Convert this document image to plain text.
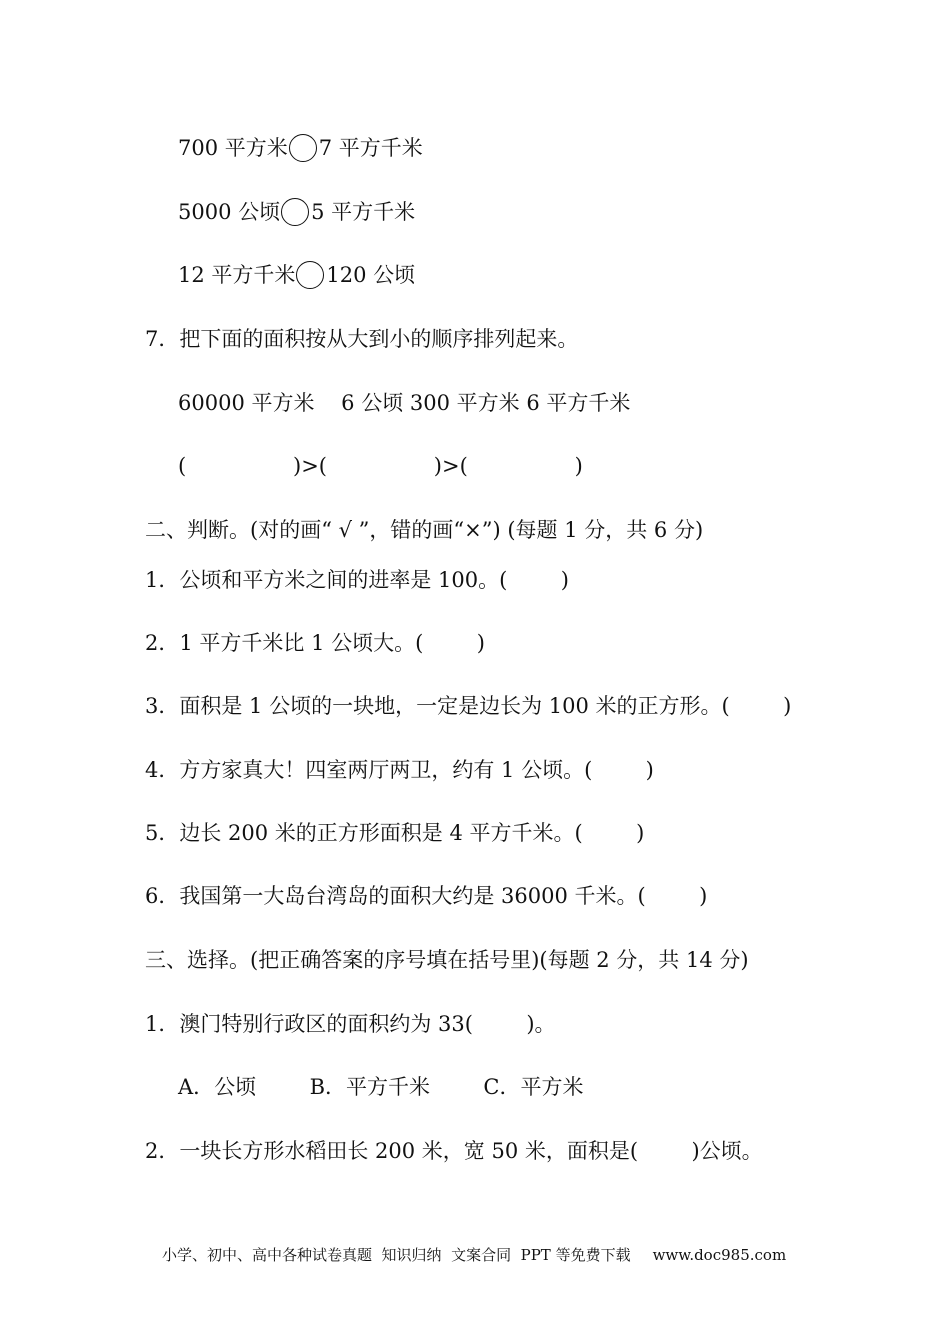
700 平方米 7 平方千米
5000 公顷 5 平方千米
12 平方千米 120 公顷
7．把下面的面积按从大到小的顺序排列起来。
60000 平方米    6 公顷 300 平方米 6 平方千米
(                )>(                )>(                )
二、判断。(对的画“ √ ”，错的画“×”) (每题 1 分，共 6 分)
1．公顷和平方米之间的进率是 100。(        )
2．1 平方千米比 1 公顷大。(        )
3．面积是 1 公顷的一块地，一定是边长为 100 米的正方形。(        )
4．方方家真大！四室两厅两卫，约有 1 公顷。(        )
5．边长 200 米的正方形面积是 4 平方千米。(        )
6．我国第一大岛台湾岛的面积大约是 36000 千米。(        )
三、选择。(把正确答案的序号填在括号里)(每题 2 分，共 14 分)
1．澳门特别行政区的面积约为 33(        )。
A．公顷        B．平方千米        C．平方米
2．一块长方形水稻田长 200 米，宽 50 米，面积是(        )公顷。
小学、初中、高中各种试卷真题  知识归纳  文案合同  PPT 等免费下载 www.doc985.com
